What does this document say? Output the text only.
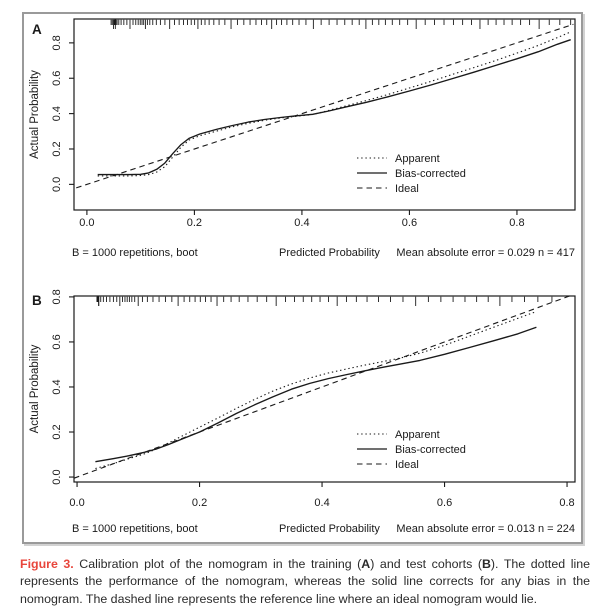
0.0	0.2	0.4	0.6	0.8
0.0
0.2
0.4
0.6
0.8
Actual Probability
A
B = 1000 repetitions, boot	Predicted Probability Mean absolute error = 0.029 n = 417
Apparent
Bias-corrected
Ideal
0.0	0.2	0.4	0.6	0.8
0.0
0.2
0.4
0.6
0.8
Actual Probability
B
B = 1000 repetitions, boot	Predicted Probability Mean absolute error = 0.013 n = 224
Apparent
Bias-corrected
Ideal

Figure 3. Calibration plot of the nomogram in the training (A) and test cohorts (B). The dotted line represents the performance of the nomogram, whereas the solid line corrects for any bias in the nomogram. The dashed line represents the reference line where an ideal nomogram would lie.
